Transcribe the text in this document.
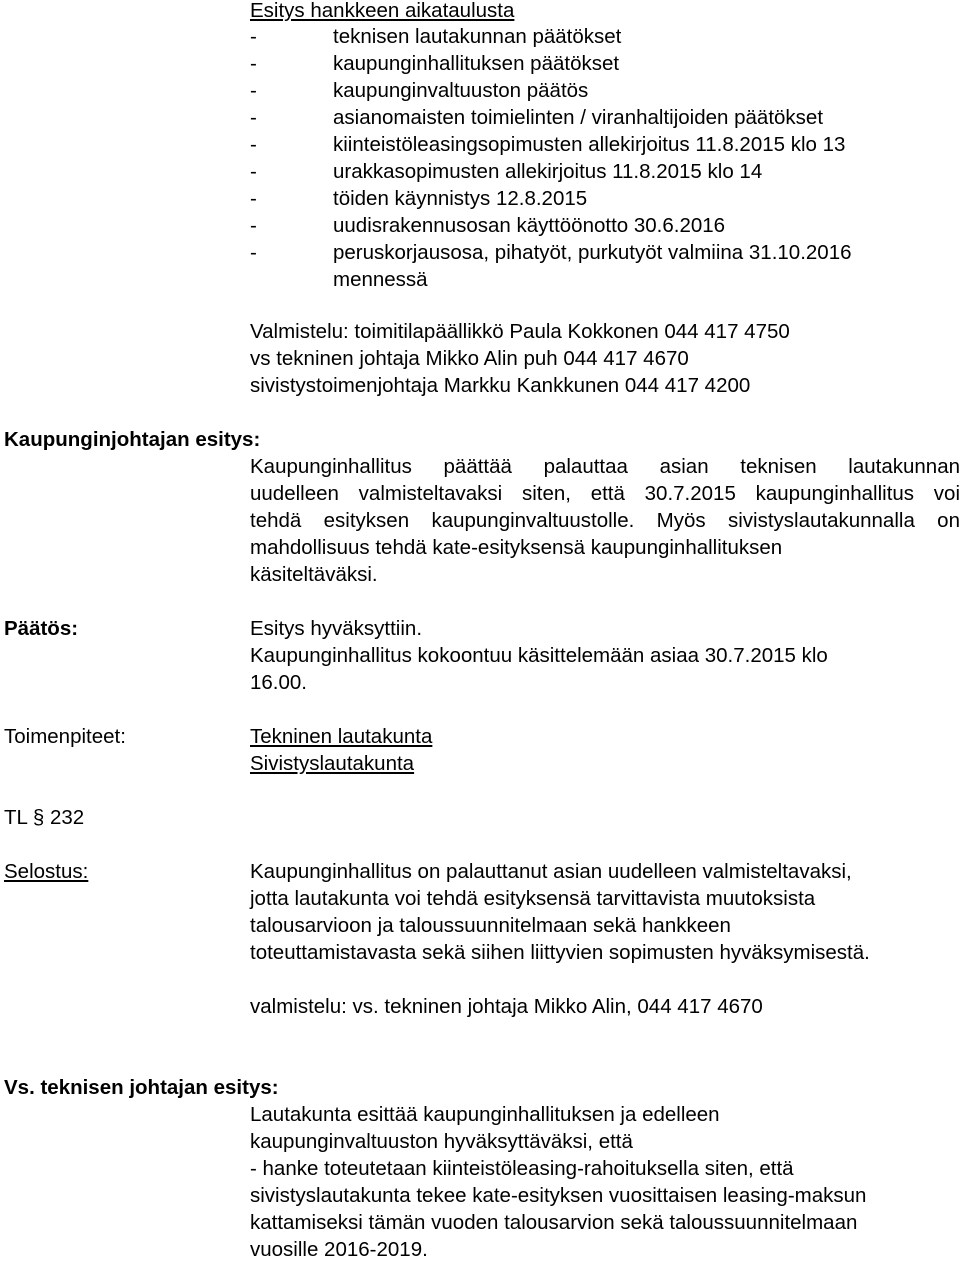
Esitys hankkeen aikataulusta
-	teknisen lautakunnan päätökset
-	kaupunginhallituksen päätökset
-	kaupunginvaltuuston päätös
-	asianomaisten toimielinten / viranhaltijoiden päätökset
-	kiinteistöleasingsopimusten allekirjoitus 11.8.2015 klo 13
-	urakkasopimusten allekirjoitus 11.8.2015 klo 14
-	töiden käynnistys 12.8.2015
-	uudisrakennusosan käyttöönotto 30.6.2016
-	peruskorjausosa, pihatyöt, purkutyöt valmiina 31.10.2016
mennessä
Valmistelu: toimitilapäällikkö Paula Kokkonen 044 417 4750
vs tekninen johtaja Mikko Alin puh 044 417 4670
sivistystoimenjohtaja Markku Kankkunen 044 417 4200
Kaupunginjohtajan esitys:
Kaupunginhallitus päättää palauttaa asian teknisen lautakunnan
uudelleen valmisteltavaksi siten, että 30.7.2015 kaupunginhallitus voi
tehdä esityksen kaupunginvaltuustolle. Myös sivistyslautakunnalla on
mahdollisuus tehdä kate-esityksensä kaupunginhallituksen
käsiteltäväksi.
Päätös:	Esitys hyväksyttiin.
Kaupunginhallitus kokoontuu käsittelemään asiaa 30.7.2015 klo
16.00.
Toimenpiteet:	Tekninen lautakunta
Sivistyslautakunta
TL § 232
Selostus:	Kaupunginhallitus on palauttanut asian uudelleen valmisteltavaksi,
jotta lautakunta voi tehdä esityksensä tarvittavista muutoksista
talousarvioon ja taloussuunnitelmaan sekä hankkeen
toteuttamistavasta sekä siihen liittyvien sopimusten hyväksymisestä.
valmistelu: vs. tekninen johtaja Mikko Alin, 044 417 4670
Vs. teknisen johtajan esitys:
Lautakunta esittää kaupunginhallituksen ja edelleen
kaupunginvaltuuston hyväksyttäväksi, että
- hanke toteutetaan kiinteistöleasing-rahoituksella siten, että
sivistyslautakunta tekee kate-esityksen vuosittaisen leasing-maksun
kattamiseksi tämän vuoden talousarvion sekä taloussuunnitelmaan
vuosille 2016-2019.
